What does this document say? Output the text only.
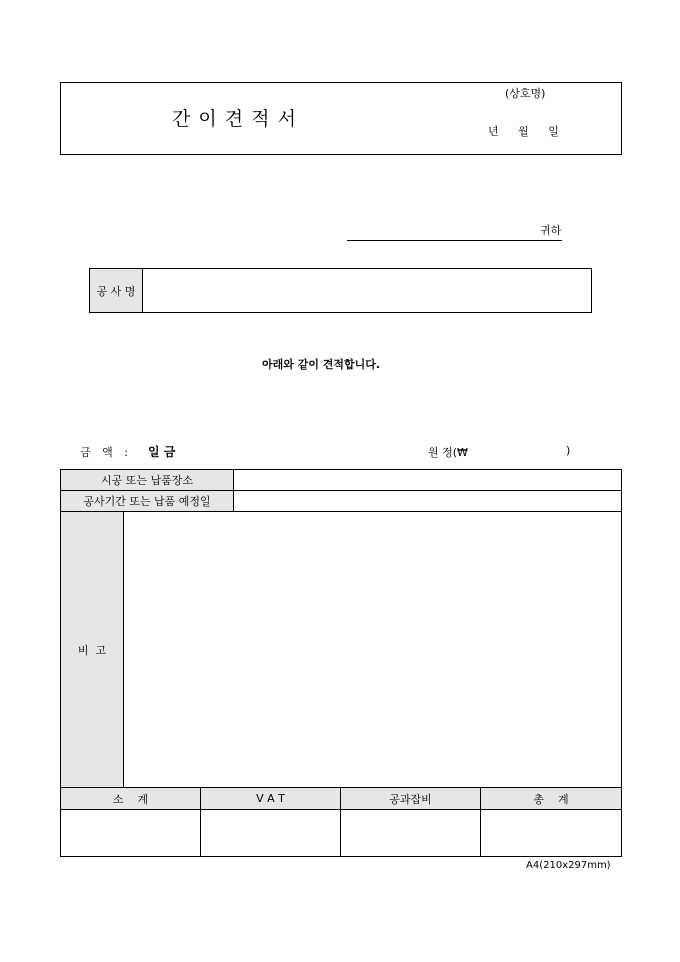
간 이 견 적 서
(상호명)
년 월 일
귀하
공 사 명
아래와 같이 견적합니다.
금 액 : 일 금	원 정(₩	)
시공 또는 납품장소
공사기간 또는 납품 예정일
비  고
소    계	V A T	공과잡비	총    계
A4(210x297mm)
